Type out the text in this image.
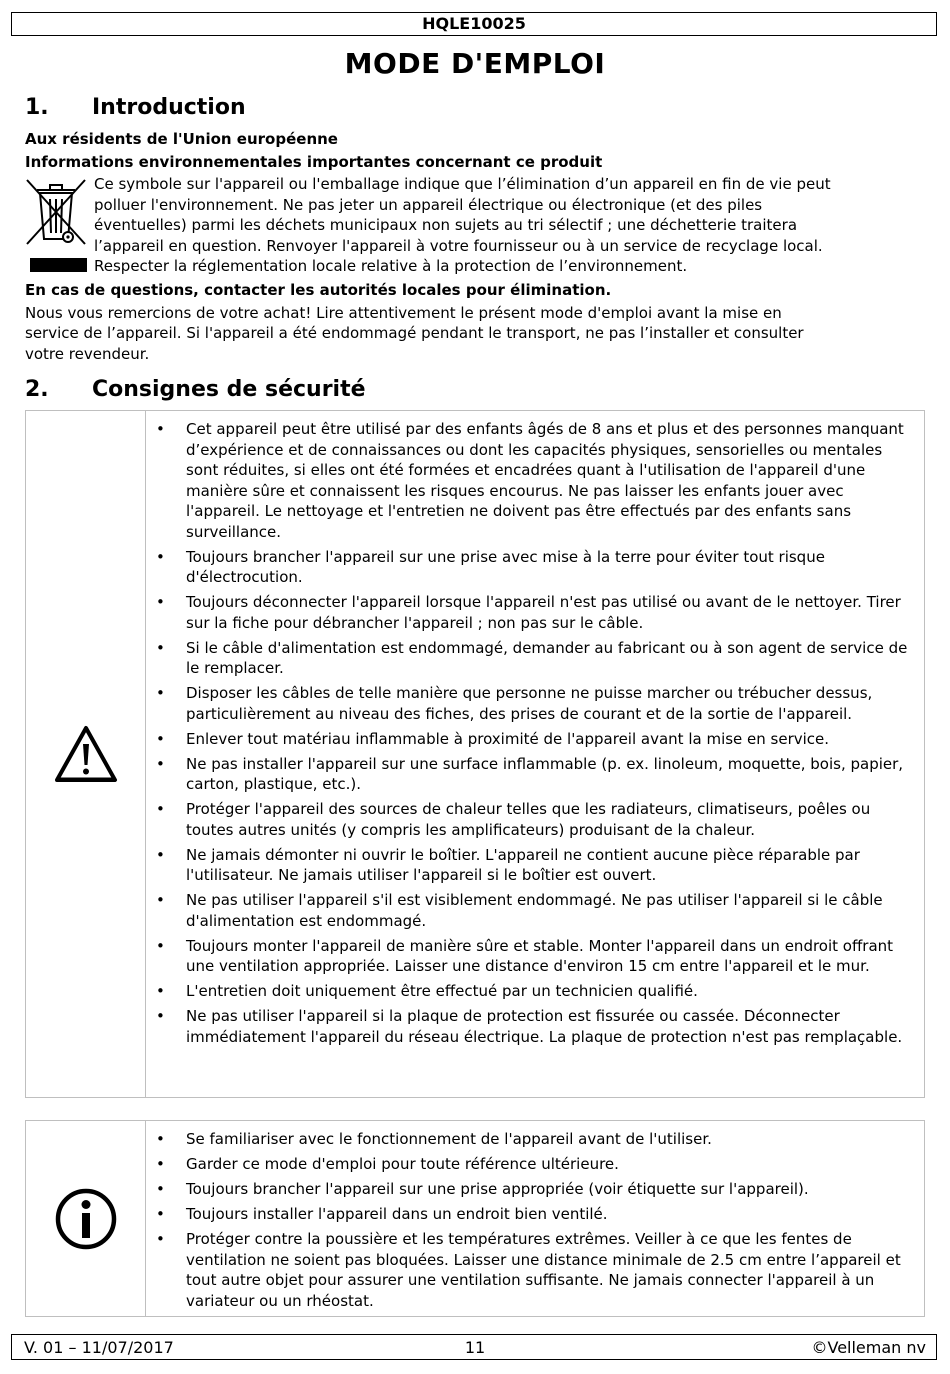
HQLE10025
MODE D'EMPLOI
1. Introduction
Aux résidents de l'Union européenne
Informations environnementales importantes concernant ce produit
Ce symbole sur l'appareil ou l'emballage indique que l’élimination d’un appareil en fin de vie peut
polluer l'environnement. Ne pas jeter un appareil électrique ou électronique (et des piles
éventuelles) parmi les déchets municipaux non sujets au tri sélectif ; une déchetterie traitera
l’appareil en question. Renvoyer l'appareil à votre fournisseur ou à un service de recyclage local.
Respecter la réglementation locale relative à la protection de l’environnement.
En cas de questions, contacter les autorités locales pour élimination.
Nous vous remercions de votre achat! Lire attentivement le présent mode d'emploi avant la mise en
service de l’appareil. Si l'appareil a été endommagé pendant le transport, ne pas l’installer et consulter
votre revendeur.
2. Consignes de sécurité
• Cet appareil peut être utilisé par des enfants âgés de 8 ans et plus et des personnes manquant d’expérience et de connaissances ou dont les capacités physiques, sensorielles ou mentales sont réduites, si elles ont été formées et encadrées quant à l'utilisation de l'appareil d'une manière sûre et connaissent les risques encourus. Ne pas laisser les enfants jouer avec l'appareil. Le nettoyage et l'entretien ne doivent pas être effectués par des enfants sans surveillance.
• Toujours brancher l'appareil sur une prise avec mise à la terre pour éviter tout risque d'électrocution.
• Toujours déconnecter l'appareil lorsque l'appareil n'est pas utilisé ou avant de le nettoyer. Tirer sur la fiche pour débrancher l'appareil ; non pas sur le câble.
• Si le câble d'alimentation est endommagé, demander au fabricant ou à son agent de service de le remplacer.
• Disposer les câbles de telle manière que personne ne puisse marcher ou trébucher dessus, particulièrement au niveau des fiches, des prises de courant et de la sortie de l'appareil.
• Enlever tout matériau inflammable à proximité de l'appareil avant la mise en service.
• Ne pas installer l'appareil sur une surface inflammable (p. ex. linoleum, moquette, bois, papier, carton, plastique, etc.).
• Protéger l'appareil des sources de chaleur telles que les radiateurs, climatiseurs, poêles ou toutes autres unités (y compris les amplificateurs) produisant de la chaleur.
• Ne jamais démonter ni ouvrir le boîtier. L'appareil ne contient aucune pièce réparable par l'utilisateur. Ne jamais utiliser l'appareil si le boîtier est ouvert.
• Ne pas utiliser l'appareil s'il est visiblement endommagé. Ne pas utiliser l'appareil si le câble d'alimentation est endommagé.
• Toujours monter l'appareil de manière sûre et stable. Monter l'appareil dans un endroit offrant une ventilation appropriée. Laisser une distance d'environ 15 cm entre l'appareil et le mur.
• L'entretien doit uniquement être effectué par un technicien qualifié.
• Ne pas utiliser l'appareil si la plaque de protection est fissurée ou cassée. Déconnecter immédiatement l'appareil du réseau électrique. La plaque de protection n'est pas remplaçable.
• Se familiariser avec le fonctionnement de l'appareil avant de l'utiliser.
• Garder ce mode d'emploi pour toute référence ultérieure.
• Toujours brancher l'appareil sur une prise appropriée (voir étiquette sur l'appareil).
• Toujours installer l'appareil dans un endroit bien ventilé.
• Protéger contre la poussière et les températures extrêmes. Veiller à ce que les fentes de ventilation ne soient pas bloquées. Laisser une distance minimale de 2.5 cm entre l’appareil et tout autre objet pour assurer une ventilation suffisante. Ne jamais connecter l'appareil à un variateur ou un rhéostat.
V. 01 – 11/07/2017	11	©Velleman nv
